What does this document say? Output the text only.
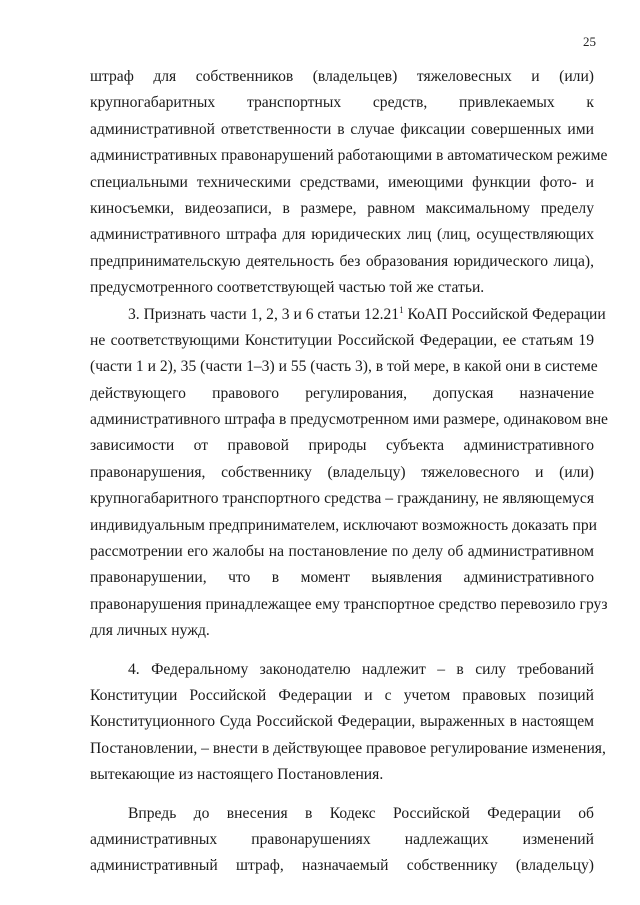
25
штраф для собственников (владельцев) тяжеловесных и (или)
крупногабаритных транспортных средств, привлекаемых к
административной ответственности в случае фиксации совершенных ими
административных правонарушений работающими в автоматическом режиме
специальными техническими средствами, имеющими функции фото- и
киносъемки, видеозаписи, в размере, равном максимальному пределу
административного штрафа для юридических лиц (лиц, осуществляющих
предпринимательскую деятельность без образования юридического лица),
предусмотренного соответствующей частью той же статьи.
3. Признать части 1, 2, 3 и 6 статьи 12.21$^1$ КоАП Российской Федерации
не соответствующими Конституции Российской Федерации, ее статьям 19
(части 1 и 2), 35 (части 1–3) и 55 (часть 3), в той мере, в какой они в системе
действующего правового регулирования, допуская назначение
административного штрафа в предусмотренном ими размере, одинаковом вне
зависимости от правовой природы субъекта административного
правонарушения, собственнику (владельцу) тяжеловесного и (или)
крупногабаритного транспортного средства – гражданину, не являющемуся
индивидуальным предпринимателем, исключают возможность доказать при
рассмотрении его жалобы на постановление по делу об административном
правонарушении, что в момент выявления административного
правонарушения принадлежащее ему транспортное средство перевозило груз
для личных нужд.
4. Федеральному законодателю надлежит – в силу требований
Конституции Российской Федерации и с учетом правовых позиций
Конституционного Суда Российской Федерации, выраженных в настоящем
Постановлении, – внести в действующее правовое регулирование изменения,
вытекающие из настоящего Постановления.
Впредь до внесения в Кодекс Российской Федерации об
административных правонарушениях надлежащих изменений
административный штраф, назначаемый собственнику (владельцу)
